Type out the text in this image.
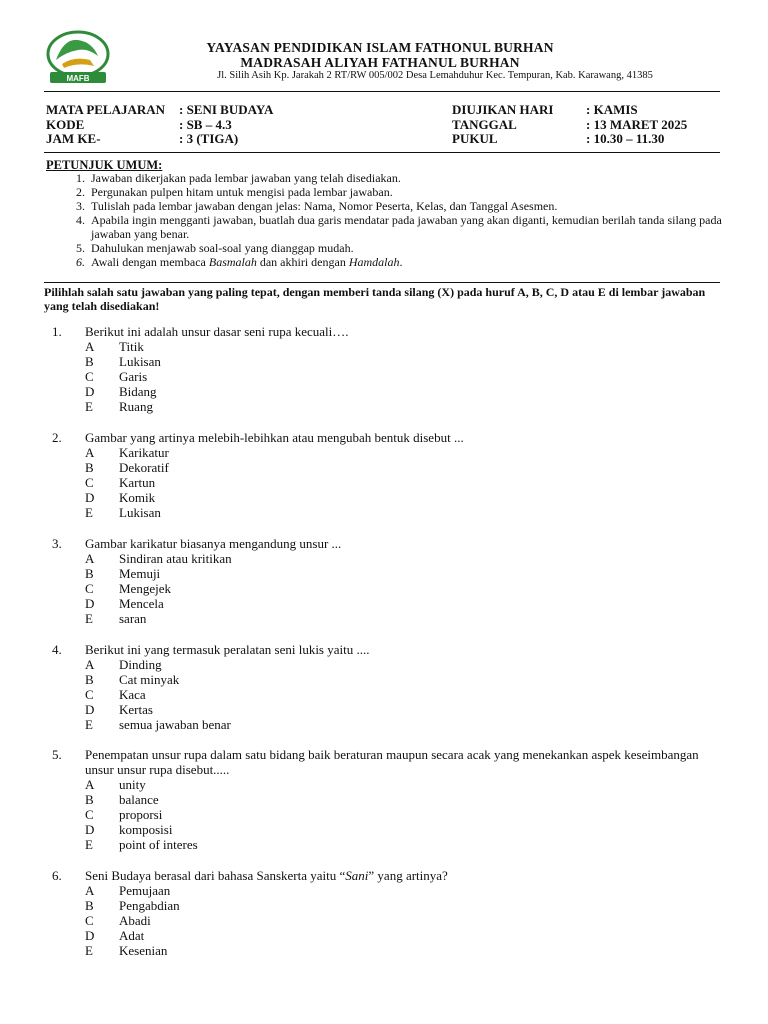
MAFB
YAYASAN PENDIDIKAN ISLAM FATHONUL BURHAN
MADRASAH ALIYAH FATHANUL BURHAN
Jl. Silih Asih Kp. Jarakah 2 RT/RW 005/002 Desa Lemahduhur Kec. Tempuran, Kab. Karawang, 41385
MATA PELAJARAN	: SENI BUDAYA
KODE	: SB – 4.3
JAM KE-	: 3 (TIGA)
DIUJIKAN HARI	: KAMIS
TANGGAL	: 13 MARET 2025
PUKUL	: 10.30 – 11.30
PETUNJUK UMUM:
1. Jawaban dikerjakan pada lembar jawaban yang telah disediakan.
2. Pergunakan pulpen hitam untuk mengisi pada lembar jawaban.
3. Tulislah pada lembar jawaban dengan jelas: Nama, Nomor Peserta, Kelas, dan Tanggal Asesmen.
4. Apabila ingin mengganti jawaban, buatlah dua garis mendatar pada jawaban yang akan diganti, kemudian berilah tanda silang pada jawaban yang benar.
5. Dahulukan menjawab soal-soal yang dianggap mudah.
6. Awali dengan membaca Basmalah dan akhiri dengan Hamdalah.
Pilihlah salah satu jawaban yang paling tepat, dengan memberi tanda silang (X) pada huruf A, B, C, D atau E di lembar jawaban yang telah disediakan!
1.	Berikut ini adalah unsur dasar seni rupa kecuali….
A	Titik
B	Lukisan
C	Garis
D	Bidang
E	Ruang
2.	Gambar yang artinya melebih-lebihkan atau mengubah bentuk disebut ...
A	Karikatur
B	Dekoratif
C	Kartun
D	Komik
E	Lukisan
3.	Gambar karikatur biasanya mengandung unsur ...
A	Sindiran atau kritikan
B	Memuji
C	Mengejek
D	Mencela
E	saran
4.	Berikut ini yang termasuk peralatan seni lukis yaitu ....
A	Dinding
B	Cat minyak
C	Kaca
D	Kertas
E	semua jawaban benar
5.	Penempatan unsur rupa dalam satu bidang baik beraturan maupun secara acak yang menekankan aspek keseimbangan unsur unsur rupa disebut.....
A	unity
B	balance
C	proporsi
D	komposisi
E	point of interes
6.	Seni Budaya berasal dari bahasa Sanskerta yaitu “Sani” yang artinya?
A	Pemujaan
B	Pengabdian
C	Abadi
D	Adat
E	Kesenian
